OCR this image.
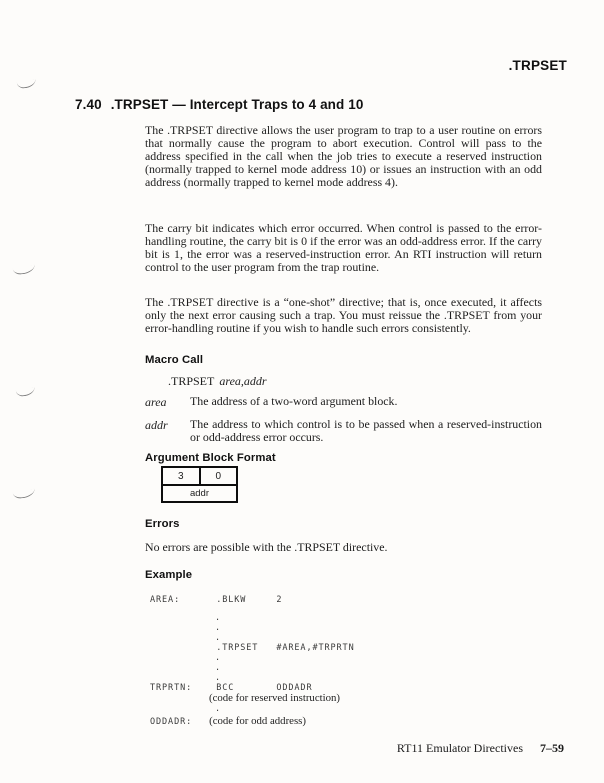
.TRPSET
7.40 .TRPSET — Intercept Traps to 4 and 10

The .TRPSET directive allows the user program to trap to a user routine on errors that normally cause the program to abort execution. Control will pass to the address specified in the call when the job tries to execute a reserved instruction (normally trapped to kernel mode address 10) or issues an instruction with an odd address (normally trapped to kernel mode address 4).

The carry bit indicates which error occurred. When control is passed to the error-handling routine, the carry bit is 0 if the error was an odd-address error. If the carry bit is 1, the error was a reserved-instruction error. An RTI instruction will return control to the user program from the trap routine.

The .TRPSET directive is a “one-shot” directive; that is, once executed, it affects only the next error causing such a trap. You must reissue the .TRPSET from your error-handling routine if you wish to handle such errors consistently.

Macro Call
.TRPSET area,addr
area	The address of a two-word argument block.
addr	The address to which control is to be passed when a reserved-instruction or odd-address error occurs.
Argument Block Format
3	0
addr
Errors
No errors are possible with the .TRPSET directive.
Example
AREA:      .BLKW     2
.
.
.
.TRPSET   #AREA,#TRPRTN
.
.
.
TRPRTN:    BCC       ODDADR
(code for reserved instruction)
.
ODDADR: (code for odd address)
RT11 Emulator Directives 7–59
